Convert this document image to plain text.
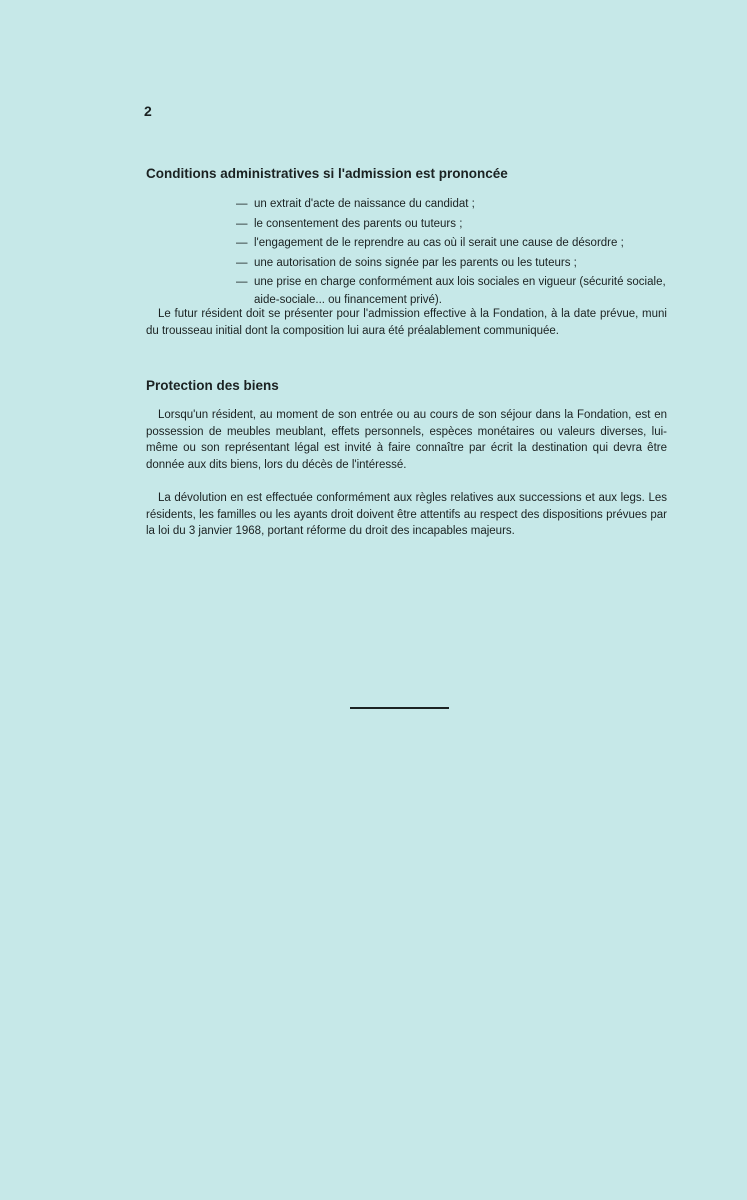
2
Conditions administratives si l'admission est prononcée
— un extrait d'acte de naissance du candidat ;
— le consentement des parents ou tuteurs ;
— l'engagement de le reprendre au cas où il serait une cause de désordre ;
— une autorisation de soins signée par les parents ou les tuteurs ;
— une prise en charge conformément aux lois sociales en vigueur (sécurité sociale, aide-sociale... ou financement privé).

Le futur résident doit se présenter pour l'admission effective à la Fondation, à la date prévue, muni du trousseau initial dont la composition lui aura été préalablement communiquée.

Protection des biens

Lorsqu'un résident, au moment de son entrée ou au cours de son séjour dans la Fondation, est en possession de meubles meublant, effets personnels, espèces monétaires ou valeurs diverses, lui-même ou son représentant légal est invité à faire connaître par écrit la destination qui devra être donnée aux dits biens, lors du décès de l'intéressé.

La dévolution en est effectuée conformément aux règles relatives aux successions et aux legs. Les résidents, les familles ou les ayants droit doivent être attentifs au respect des dispositions prévues par la loi du 3 janvier 1968, portant réforme du droit des incapables majeurs.
